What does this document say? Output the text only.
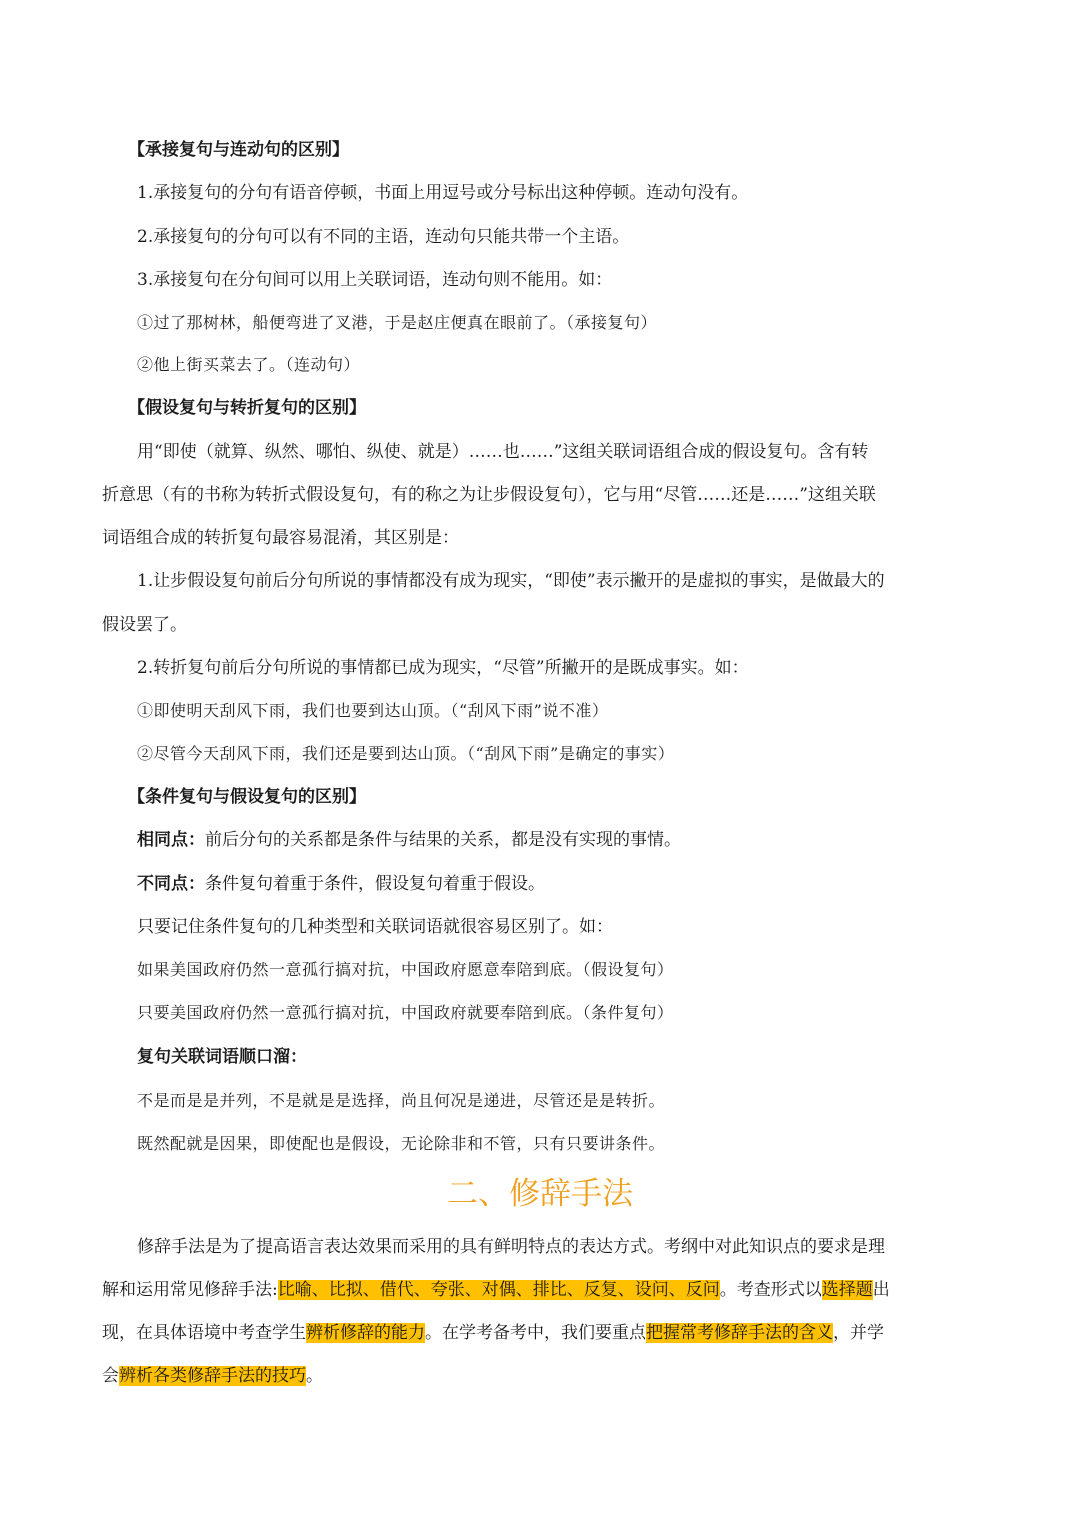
【承接复句与连动句的区别】
1.承接复句的分句有语音停顿，书面上用逗号或分号标出这种停顿。连动句没有。
2.承接复句的分句可以有不同的主语，连动句只能共带一个主语。
3.承接复句在分句间可以用上关联词语，连动句则不能用。如：
①过了那树林，船便弯进了叉港，于是赵庄便真在眼前了。（承接复句）
②他上街买菜去了。（连动句）
【假设复句与转折复句的区别】
用“即使（就算、纵然、哪怕、纵使、就是）……也……”这组关联词语组合成的假设复句。含有转
折意思（有的书称为转折式假设复句，有的称之为让步假设复句），它与用“尽管……还是……”这组关联
词语组合成的转折复句最容易混淆，其区别是：
1.让步假设复句前后分句所说的事情都没有成为现实，“即使”表示撇开的是虚拟的事实，是做最大的
假设罢了。
2.转折复句前后分句所说的事情都已成为现实，“尽管”所撇开的是既成事实。如：
①即使明天刮风下雨，我们也要到达山顶。（“刮风下雨”说不准）
②尽管今天刮风下雨，我们还是要到达山顶。（“刮风下雨”是确定的事实）
【条件复句与假设复句的区别】
相同点：前后分句的关系都是条件与结果的关系，都是没有实现的事情。
不同点：条件复句着重于条件，假设复句着重于假设。
只要记住条件复句的几种类型和关联词语就很容易区别了。如：
如果美国政府仍然一意孤行搞对抗，中国政府愿意奉陪到底。（假设复句）
只要美国政府仍然一意孤行搞对抗，中国政府就要奉陪到底。（条件复句）
复句关联词语顺口溜：
不是而是是并列，不是就是是选择，尚且何况是递进，尽管还是是转折。
既然配就是因果，即使配也是假设，无论除非和不管，只有只要讲条件。
二、修辞手法
修辞手法是为了提高语言表达效果而采用的具有鲜明特点的表达方式。考纲中对此知识点的要求是理
解和运用常见修辞手法:比喻、比拟、借代、夸张、对偶、排比、反复、设问、反问。考查形式以选择题出
现，在具体语境中考查学生辨析修辞的能力。在学考备考中，我们要重点把握常考修辞手法的含义，并学
会辨析各类修辞手法的技巧。
